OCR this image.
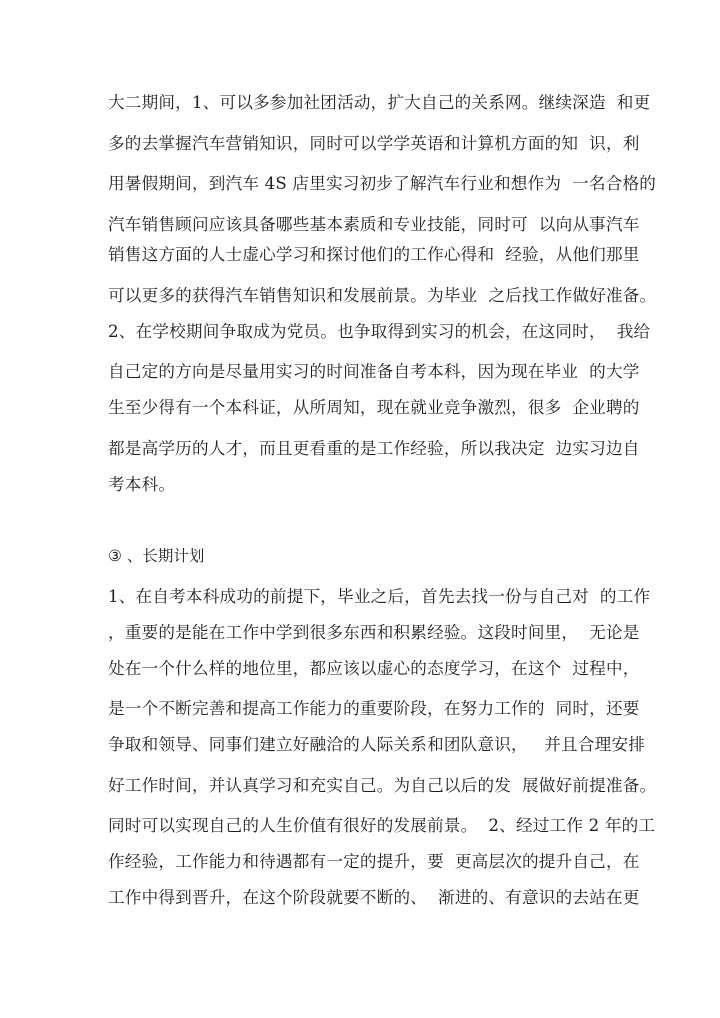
大二期间，1、可以多参加社团活动，扩大自己的关系网。继续深造  和更
多的去掌握汽车营销知识，同时可以学学英语和计算机方面的知  识，利
用暑假期间，到汽车 4S 店里实习初步了解汽车行业和想作为  一名合格的
汽车销售顾问应该具备哪些基本素质和专业技能，同时可  以向从事汽车
销售这方面的人士虚心学习和探讨他们的工作心得和  经验，从他们那里
可以更多的获得汽车销售知识和发展前景。为毕业  之后找工作做好准备。
2、在学校期间争取成为党员。也争取得到实习的机会，在这同时，  我给
自己定的方向是尽量用实习的时间准备自考本科，因为现在毕业  的大学
生至少得有一个本科证，从所周知，现在就业竞争激烈，很多  企业聘的
都是高学历的人才，而且更看重的是工作经验，所以我决定  边实习边自
考本科。
③ 、长期计划
1、在自考本科成功的前提下，毕业之后，首先去找一份与自己对  的工作
，重要的是能在工作中学到很多东西和积累经验。这段时间里，  无论是
处在一个什么样的地位里，都应该以虚心的态度学习，在这个  过程中，
是一个不断完善和提高工作能力的重要阶段，在努力工作的  同时，还要
争取和领导、同事们建立好融洽的人际关系和团队意识，   并且合理安排
好工作时间，并认真学习和充实自己。为自己以后的发  展做好前提准备。
同时可以实现自己的人生价值有很好的发展前景。  2、经过工作 2 年的工
作经验，工作能力和待遇都有一定的提升，要  更高层次的提升自己，在
工作中得到晋升，在这个阶段就要不断的、  渐进的、有意识的去站在更
